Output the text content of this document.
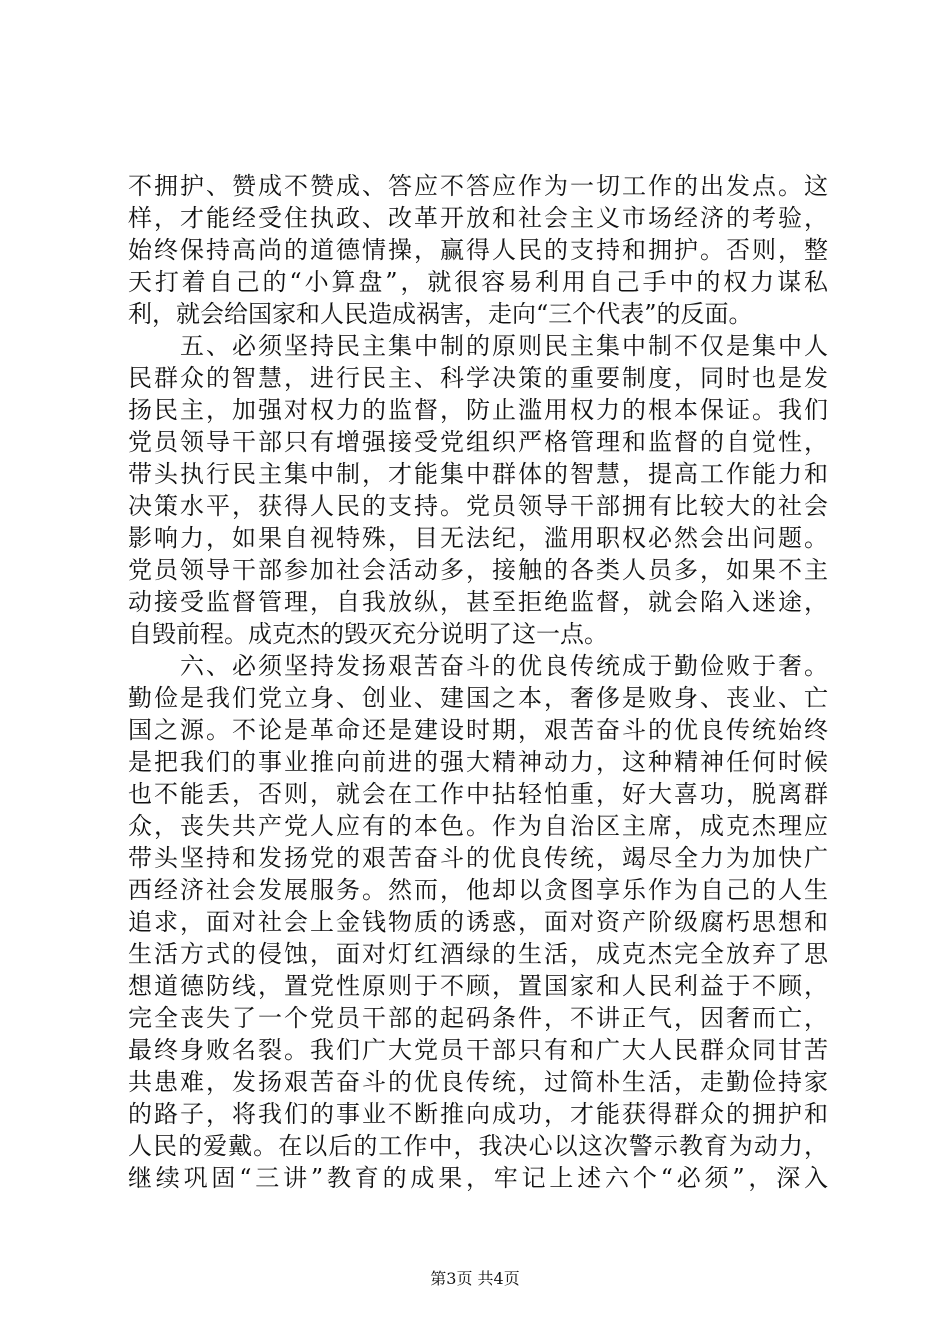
不拥护、赞成不赞成、答应不答应作为一切工作的出发点。这
样，才能经受住执政、改革开放和社会主义市场经济的考验，
始终保持高尚的道德情操，赢得人民的支持和拥护。否则，整
天打着自己的“小算盘”，就很容易利用自己手中的权力谋私
利，就会给国家和人民造成祸害，走向“三个代表”的反面。
　　五、必须坚持民主集中制的原则民主集中制不仅是集中人
民群众的智慧，进行民主、科学决策的重要制度，同时也是发
扬民主，加强对权力的监督，防止滥用权力的根本保证。我们
党员领导干部只有增强接受党组织严格管理和监督的自觉性，
带头执行民主集中制，才能集中群体的智慧，提高工作能力和
决策水平，获得人民的支持。党员领导干部拥有比较大的社会
影响力，如果自视特殊，目无法纪，滥用职权必然会出问题。
党员领导干部参加社会活动多，接触的各类人员多，如果不主
动接受监督管理，自我放纵，甚至拒绝监督，就会陷入迷途，
自毁前程。成克杰的毁灭充分说明了这一点。
　　六、必须坚持发扬艰苦奋斗的优良传统成于勤俭败于奢。
勤俭是我们党立身、创业、建国之本，奢侈是败身、丧业、亡
国之源。不论是革命还是建设时期，艰苦奋斗的优良传统始终
是把我们的事业推向前进的强大精神动力，这种精神任何时候
也不能丢，否则，就会在工作中拈轻怕重，好大喜功，脱离群
众，丧失共产党人应有的本色。作为自治区主席，成克杰理应
带头坚持和发扬党的艰苦奋斗的优良传统，竭尽全力为加快广
西经济社会发展服务。然而，他却以贪图享乐作为自己的人生
追求，面对社会上金钱物质的诱惑，面对资产阶级腐朽思想和
生活方式的侵蚀，面对灯红酒绿的生活，成克杰完全放弃了思
想道德防线，置党性原则于不顾，置国家和人民利益于不顾，
完全丧失了一个党员干部的起码条件，不讲正气，因奢而亡，
最终身败名裂。我们广大党员干部只有和广大人民群众同甘苦
共患难，发扬艰苦奋斗的优良传统，过简朴生活，走勤俭持家
的路子，将我们的事业不断推向成功，才能获得群众的拥护和
人民的爱戴。在以后的工作中，我决心以这次警示教育为动力，
继续巩固“三讲”教育的成果，牢记上述六个“必须”，深入
第3页 共4页
